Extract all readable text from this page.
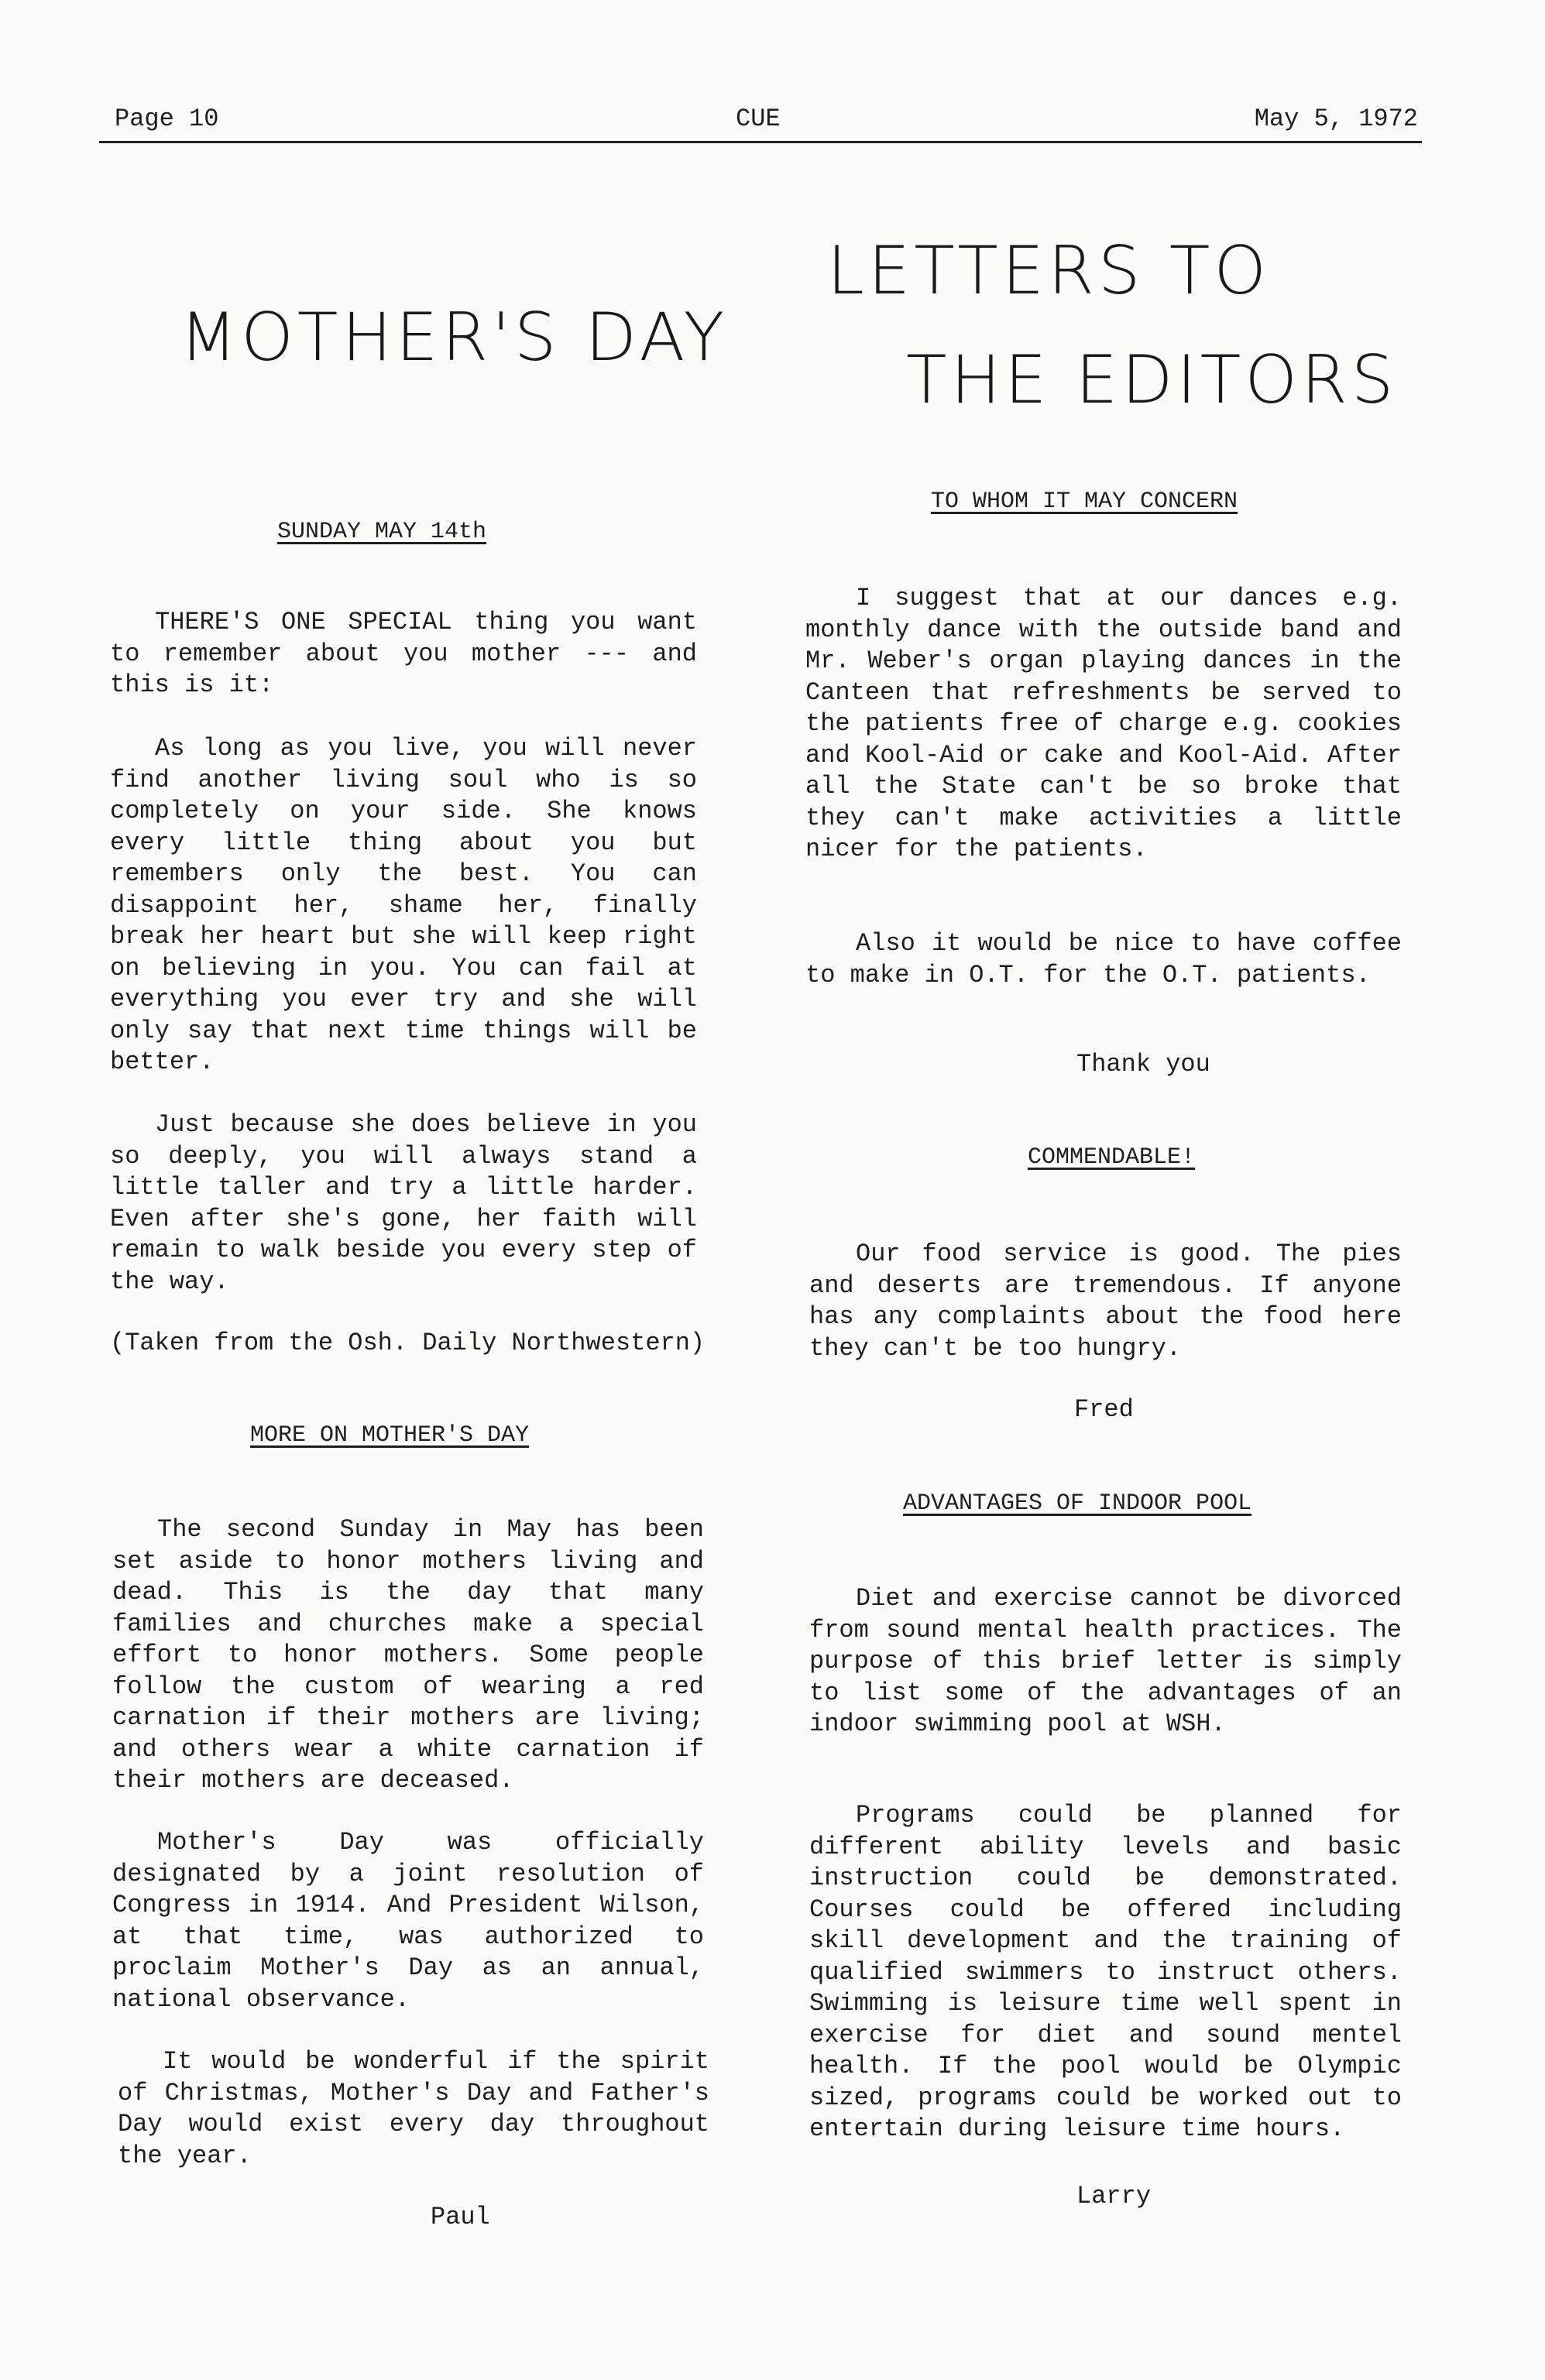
Page 10	CUE	May 5, 1972
MOTHER'S DAY
SUNDAY MAY 14th

THERE'S ONE SPECIAL thing you want to remember about you mother --- and this is it:

As long as you live, you will never find another living soul who is so completely on your side. She knows every little thing about you but remembers only the best. You can disappoint her, shame her, finally break her heart but she will keep right on believing in you. You can fail at everything you ever try and she will only say that next time things will be better.

Just because she does believe in you so deeply, you will always stand a little taller and try a little harder. Even after she's gone, her faith will remain to walk beside you every step of the way.

(Taken from the Osh. Daily Northwestern)
MORE ON MOTHER'S DAY

The second Sunday in May has been set aside to honor mothers living and dead. This is the day that many families and churches make a special effort to honor mothers. Some people follow the custom of wearing a red carnation if their mothers are living; and others wear a white carnation if their mothers are deceased.

Mother's Day was officially designated by a joint resolution of Congress in 1914. And President Wilson, at that time, was authorized to proclaim Mother's Day as an annual, national observance.

It would be wonderful if the spirit of Christmas, Mother's Day and Father's Day would exist every day throughout the year.

Paul
LETTERS TO
THE EDITORS
TO WHOM IT MAY CONCERN

I suggest that at our dances e.g. monthly dance with the outside band and Mr. Weber's organ playing dances in the Canteen that refreshments be served to the patients free of charge e.g. cookies and Kool-Aid or cake and Kool-Aid. After all the State can't be so broke that they can't make activities a little nicer for the patients.

Also it would be nice to have coffee to make in O.T. for the O.T. patients.

Thank you
COMMENDABLE!

Our food service is good. The pies and deserts are tremendous. If anyone has any complaints about the food here they can't be too hungry.

Fred
ADVANTAGES OF INDOOR POOL

Diet and exercise cannot be divorced from sound mental health practices. The purpose of this brief letter is simply to list some of the advantages of an indoor swimming pool at WSH.

Programs could be planned for different ability levels and basic instruction could be demonstrated. Courses could be offered including skill development and the training of qualified swimmers to instruct others. Swimming is leisure time well spent in exercise for diet and sound mentel health. If the pool would be Olympic sized, programs could be worked out to entertain during leisure time hours.

Larry
